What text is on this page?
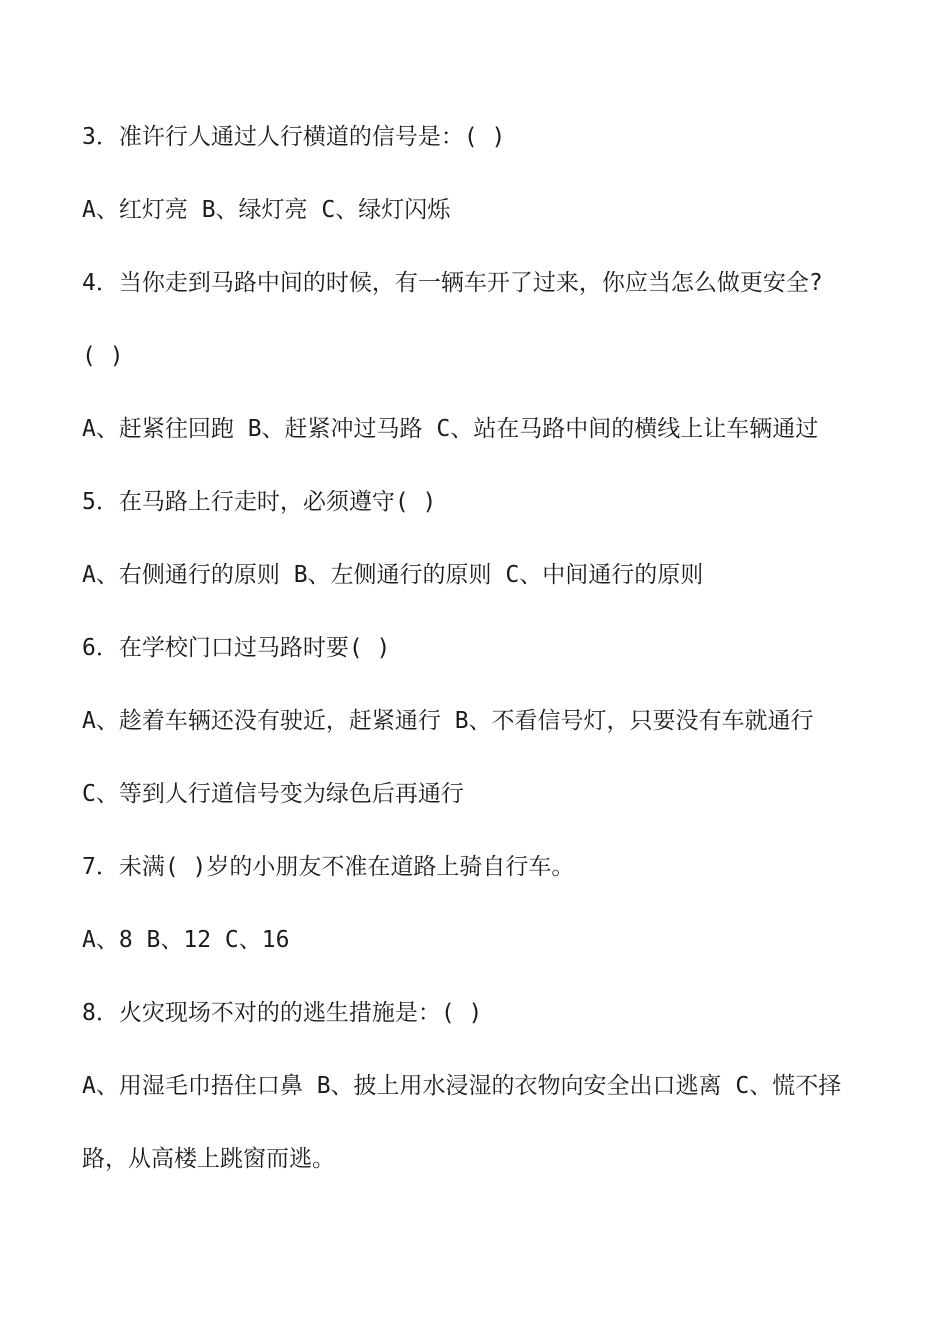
3．准许行人通过人行横道的信号是：( )
A、红灯亮 B、绿灯亮 C、绿灯闪烁
4．当你走到马路中间的时候，有一辆车开了过来，你应当怎么做更安全?
( )
A、赶紧往回跑 B、赶紧冲过马路 C、站在马路中间的横线上让车辆通过
5．在马路上行走时，必须遵守( )
A、右侧通行的原则 B、左侧通行的原则 C、中间通行的原则
6．在学校门口过马路时要( )
A、趁着车辆还没有驶近，赶紧通行 B、不看信号灯，只要没有车就通行
C、等到人行道信号变为绿色后再通行
7．未满( )岁的小朋友不准在道路上骑自行车。
A、8 B、12 C、16
8．火灾现场不对的的逃生措施是：( )
A、用湿毛巾捂住口鼻 B、披上用水浸湿的衣物向安全出口逃离 C、慌不择
路，从高楼上跳窗而逃。
